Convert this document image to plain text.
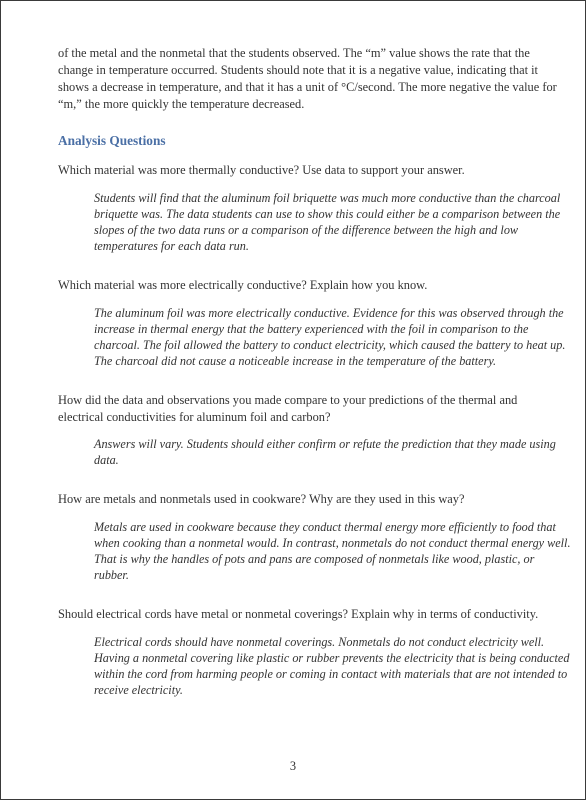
of the metal and the nonmetal that the students observed. The “m” value shows the rate that the change in temperature occurred. Students should note that it is a negative value, indicating that it shows a decrease in temperature, and that it has a unit of °C/second. The more negative the value for “m,” the more quickly the temperature decreased.

Analysis Questions

Which material was more thermally conductive? Use data to support your answer.

Students will find that the aluminum foil briquette was much more conductive than the charcoal briquette was. The data students can use to show this could either be a comparison between the slopes of the two data runs or a comparison of the difference between the high and low temperatures for each data run.

Which material was more electrically conductive? Explain how you know.

The aluminum foil was more electrically conductive. Evidence for this was observed through the increase in thermal energy that the battery experienced with the foil in comparison to the charcoal. The foil allowed the battery to conduct electricity, which caused the battery to heat up. The charcoal did not cause a noticeable increase in the temperature of the battery.

How did the data and observations you made compare to your predictions of the thermal and electrical conductivities for aluminum foil and carbon?

Answers will vary. Students should either confirm or refute the prediction that they made using data.

How are metals and nonmetals used in cookware? Why are they used in this way?

Metals are used in cookware because they conduct thermal energy more efficiently to food that when cooking than a nonmetal would. In contrast, nonmetals do not conduct thermal energy well. That is why the handles of pots and pans are composed of nonmetals like wood, plastic, or rubber.

Should electrical cords have metal or nonmetal coverings? Explain why in terms of conductivity.

Electrical cords should have nonmetal coverings. Nonmetals do not conduct electricity well. Having a nonmetal covering like plastic or rubber prevents the electricity that is being conducted within the cord from harming people or coming in contact with materials that are not intended to receive electricity.

3
